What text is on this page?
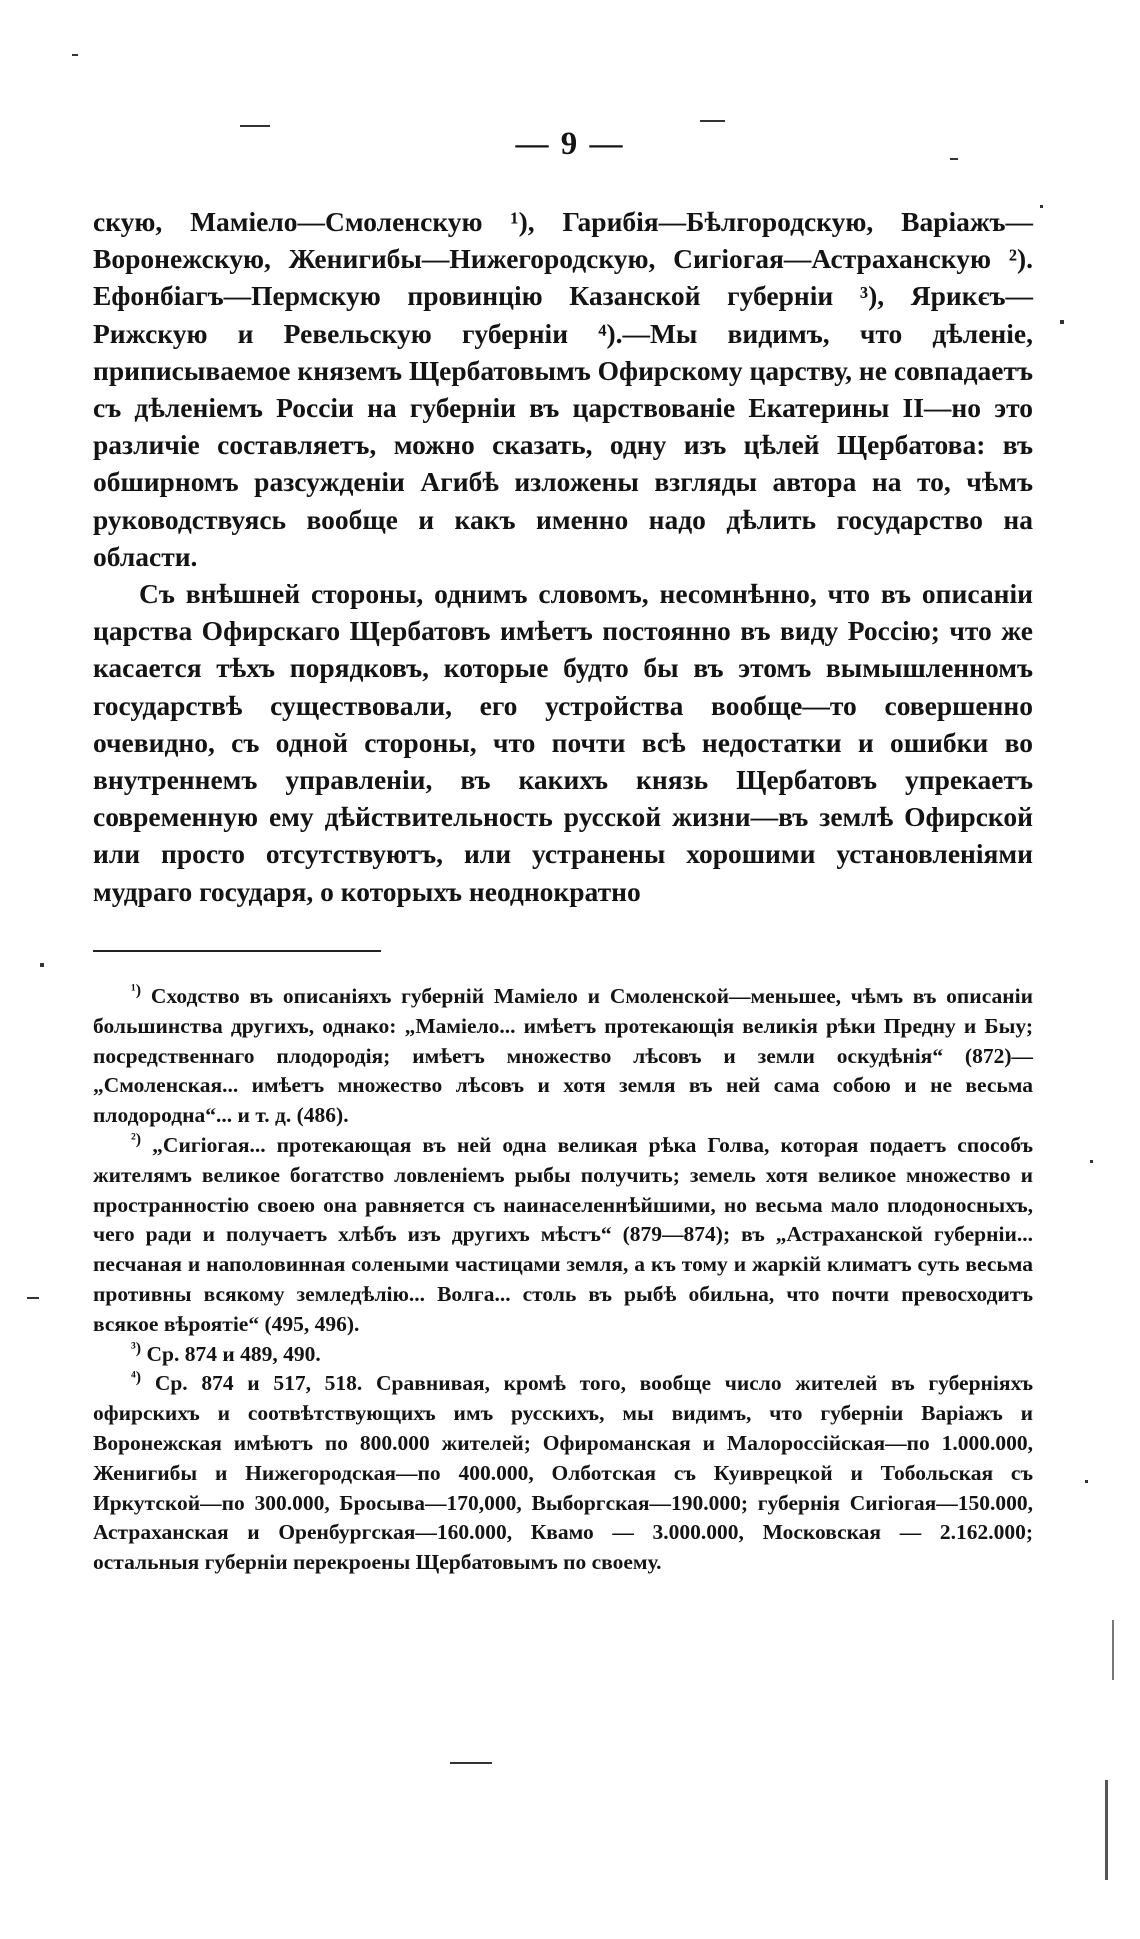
— 9 —

скую, Мамiело—Смоленскую ¹), Гарибiя—Бѣлгородскую, Варiажъ—Воронежскую, Женигибы—Нижегородскую, Сигiогая—Астраханскую ²). Ефонбiагъ—Пермскую провинцiю Казанской губернiи ³), Ярикєъ—Рижскую и Ревельскую губернiи ⁴).—Мы видимъ, что дѣленiе, приписываемое княземъ Щербатовымъ Офирскому царству, не совпадаетъ съ дѣленiемъ Россiи на губернiи въ царствованiе Екатерины II—но это различiе составляетъ, можно сказать, одну изъ цѣлей Щербатова: въ обширномъ разсужденiи Агибѣ изложены взгляды автора на то, чѣмъ руководствуясь вообще и какъ именно надо дѣлить государство на области.

Съ внѣшней стороны, однимъ словомъ, несомнѣнно, что въ описанiи царства Офирскаго Щербатовъ имѣетъ постоянно въ виду Россiю; что же касается тѣхъ порядковъ, которые будто бы въ этомъ вымышленномъ государствѣ существовали, его устройства вообще—то совершенно очевидно, съ одной стороны, что почти всѣ недостатки и ошибки во внутреннемъ управленiи, въ какихъ князь Щербатовъ упрекаетъ современную ему дѣйствительность русской жизни—въ землѣ Офирской или просто отсутствуютъ, или устранены хорошими установленiями мудраго государя, о которыхъ неоднократно

$^{^1)}$ Сходство въ описанiяхъ губернiй Мамiело и Смоленской—меньшее, чѣмъ въ описанiи большинства другихъ, однако: „Мамiело... имѣетъ протекающiя великiя рѣки Предну и Быу; посредственнаго плодородiя; имѣетъ множество лѣсовъ и земли оскудѣнiя“ (872)—„Смоленская... имѣетъ множество лѣсовъ и хотя земля въ ней сама собою и не весьма плодородна“... и т. д. (486).

$^{^2)}$ „Сигiогая... протекающая въ ней одна великая рѣка Голва, которая подаетъ способъ жителямъ великое богатство ловленiемъ рыбы получить; земель хотя великое множество и пространностiю своею она равняется съ наинаселеннѣйшими, но весьма мало плодоносныхъ, чего ради и получаетъ хлѣбъ изъ другихъ мѣстъ“ (879—874); въ „Астраханской губернiи... песчаная и наполовинная солеными частицами земля, а къ тому и жаркiй климатъ суть весьма противны всякому земледѣлiю... Волга... столь въ рыбѣ обильна, что почти превосходитъ всякое вѣроятiе“ (495, 496).

$^{^3)}$ Ср. 874 и 489, 490.

$^{^4)}$ Ср. 874 и 517, 518. Сравнивая, кромѣ того, вообще число жителей въ губернiяхъ офирскихъ и соотвѣтствующихъ имъ русскихъ, мы видимъ, что губернiи Варiажъ и Воронежская имѣютъ по 800.000 жителей; Офироманская и Малороссiйская—по 1.000.000, Женигибы и Нижегородская—по 400.000, Олботская съ Куиврецкой и Тобольская съ Иркутской—по 300.000, Бросыва—170,000, Выборгская—190.000; губернiя Сигiогая—150.000, Астраханская и Оренбургская—160.000, Квамо — 3.000.000, Московская — 2.162.000; остальныя губернiи перекроены Щербатовымъ по своему.
